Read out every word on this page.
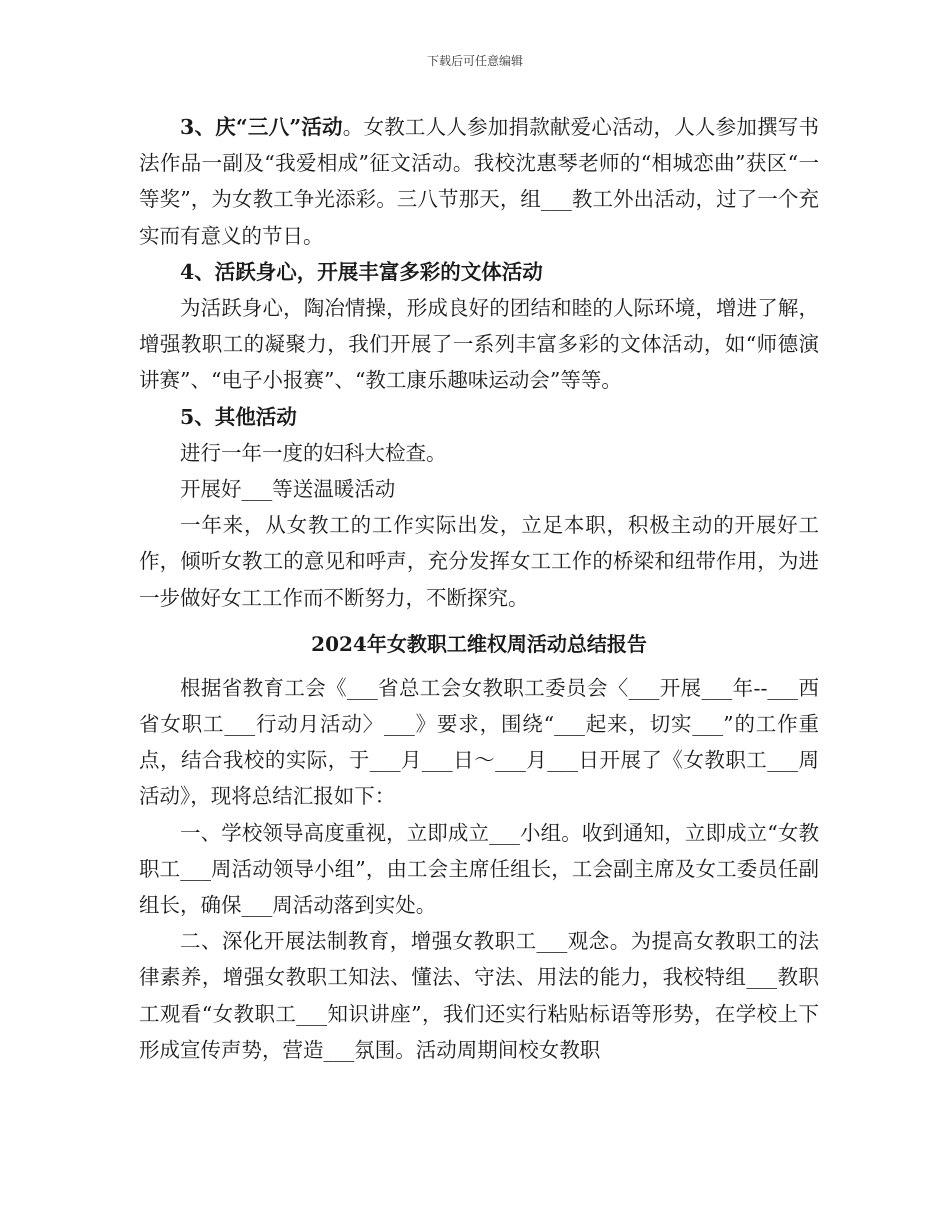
下载后可任意编辑

3、庆“三八”活动。女教工人人参加捐款献爱心活动，人人参加撰写书法作品一副及“我爱相成”征文活动。我校沈惠琴老师的“相城恋曲”获区“一等奖”，为女教工争光添彩。三八节那天，组___教工外出活动，过了一个充实而有意义的节日。

4、活跃身心，开展丰富多彩的文体活动

为活跃身心，陶冶情操，形成良好的团结和睦的人际环境，增进了解，增强教职工的凝聚力，我们开展了一系列丰富多彩的文体活动，如“师德演讲赛”、“电子小报赛”、“教工康乐趣味运动会”等等。

5、其他活动

进行一年一度的妇科大检查。

开展好___等送温暖活动

一年来，从女教工的工作实际出发，立足本职，积极主动的开展好工作，倾听女教工的意见和呼声，充分发挥女工工作的桥梁和纽带作用，为进一步做好女工工作而不断努力，不断探究。

2024年女教职工维权周活动总结报告

根据省教育工会《___省总工会女教职工委员会〈___开展___年--___西省女职工___行动月活动〉___》要求，围绕“___起来，切实___”的工作重点，结合我校的实际，于___月___日～___月___日开展了《女教职工___周活动》，现将总结汇报如下：

一、学校领导高度重视，立即成立___小组。收到通知，立即成立“女教职工___周活动领导小组”，由工会主席任组长，工会副主席及女工委员任副组长，确保___周活动落到实处。

二、深化开展法制教育，增强女教职工___观念。为提高女教职工的法律素养，增强女教职工知法、懂法、守法、用法的能力，我校特组___教职工观看“女教职工___知识讲座”，我们还实行粘贴标语等形势，在学校上下形成宣传声势，营造___氛围。活动周期间校女教职
